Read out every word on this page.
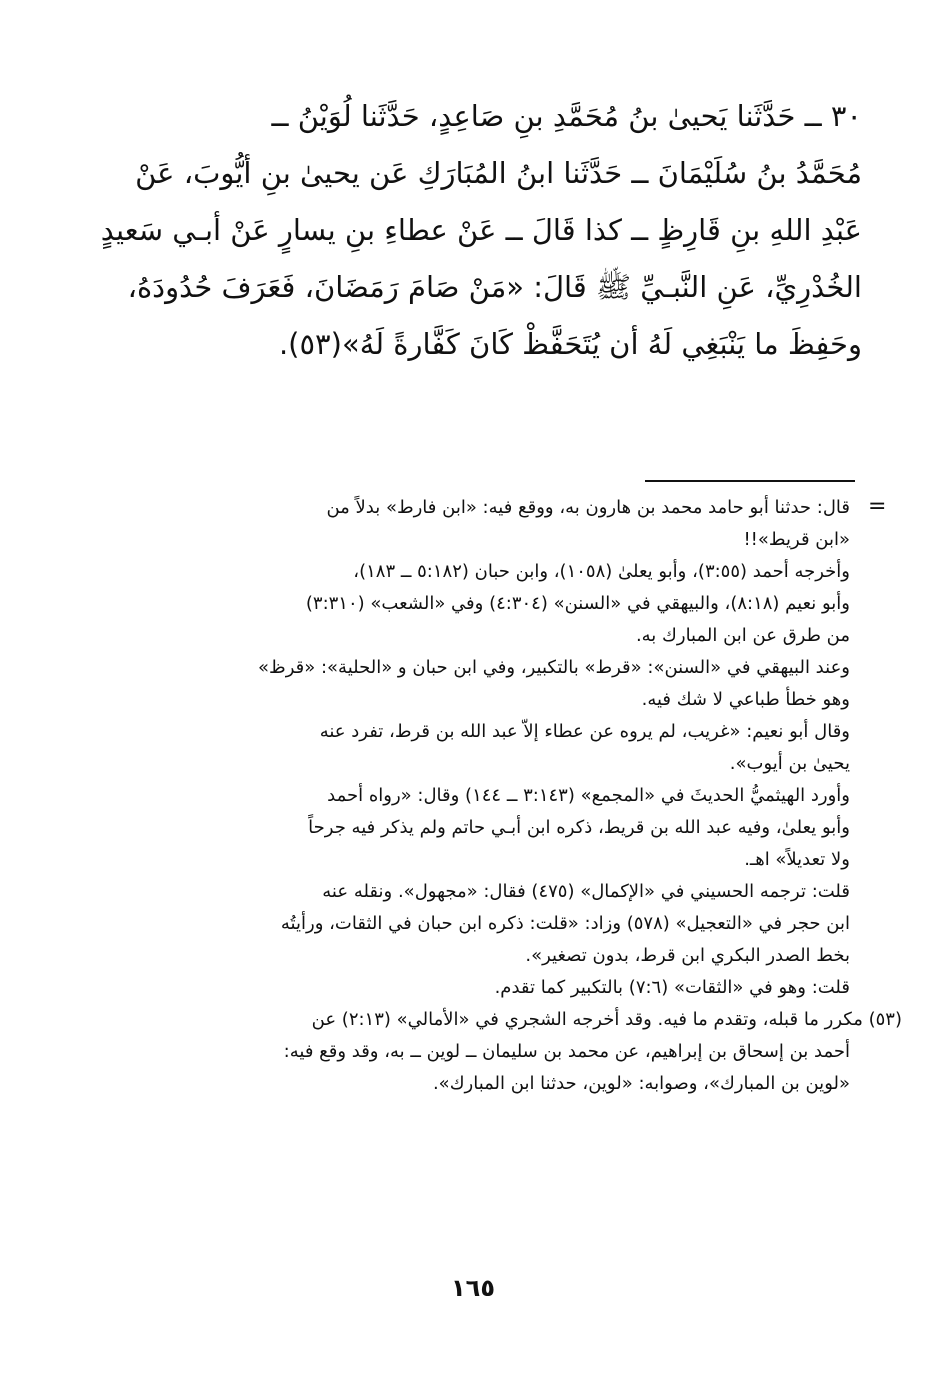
٣٠ ــ حَدَّثَنا يَحيىٰ بنُ مُحَمَّدِ بنِ صَاعِدٍ، حَدَّثَنا لُوَيْنُ ــ
مُحَمَّدُ بنُ سُلَيْمَانَ ــ حَدَّثَنا ابنُ المُبَارَكِ عَن يحيىٰ بنِ أيُّوبَ، عَنْ
عَبْدِ اللهِ بنِ قَارِظٍ ــ كذا قَالَ ــ عَنْ عطاءِ بنِ يسارٍ عَنْ أبـي سَعيدٍ
الخُدْرِيِّ، عَنِ النَّبـيِّ ﷺ قَالَ: «مَنْ صَامَ رَمَضَانَ، فَعَرَفَ حُدُودَهُ،
وحَفِظَ ما يَنْبَغِي لَهُ أن يُتَحَفَّظْ كَانَ كَفَّارةً لَهُ»(٥٣).
=
قال: حدثنا أبو حامد محمد بن هارون به، ووقع فيه: «ابن فارط» بدلاً من
«ابن قريط»!!
وأخرجه أحمد (٣:٥٥)، وأبو يعلىٰ (١٠٥٨)، وابن حبان (٥:١٨٢ ــ ١٨٣)،
وأبو نعيم (٨:١٨)، والبيهقي في «السنن» (٤:٣٠٤) وفي «الشعب» (٣:٣١٠)
من طرق عن ابن المبارك به.
وعند البيهقي في «السنن»: «قرط» بالتكبير، وفي ابن حبان و «الحلية»: «قرظ»
وهو خطأ طباعي لا شك فيه.
وقال أبو نعيم: «غريب، لم يروه عن عطاء إلاّ عبد الله بن قرط، تفرد عنه
يحيىٰ بن أيوب».
وأورد الهيثميُّ الحديثَ في «المجمع» (٣:١٤٣ ــ ١٤٤) وقال: «رواه أحمد
وأبو يعلىٰ، وفيه عبد الله بن قريط، ذكره ابن أبـي حاتم ولم يذكر فيه جرحاً
ولا تعديلاً» اهـ.
قلت: ترجمه الحسيني في «الإكمال» (٤٧٥) فقال: «مجهول». ونقله عنه
ابن حجر في «التعجيل» (٥٧٨) وزاد: «قلت: ذكره ابن حبان في الثقات، ورأيتُه
بخط الصدر البكري ابن قرط، بدون تصغير».
قلت: وهو في «الثقات» (٧:٦) بالتكبير كما تقدم.
(٥٣) مكرر ما قبله، وتقدم ما فيه. وقد أخرجه الشجري في «الأمالي» (٢:١٣) عن
أحمد بن إسحاق بن إبراهيم، عن محمد بن سليمان ــ لوين ــ به، وقد وقع فيه:
«لوين بن المبارك»، وصوابه: «لوين، حدثنا ابن المبارك».
١٦٥
